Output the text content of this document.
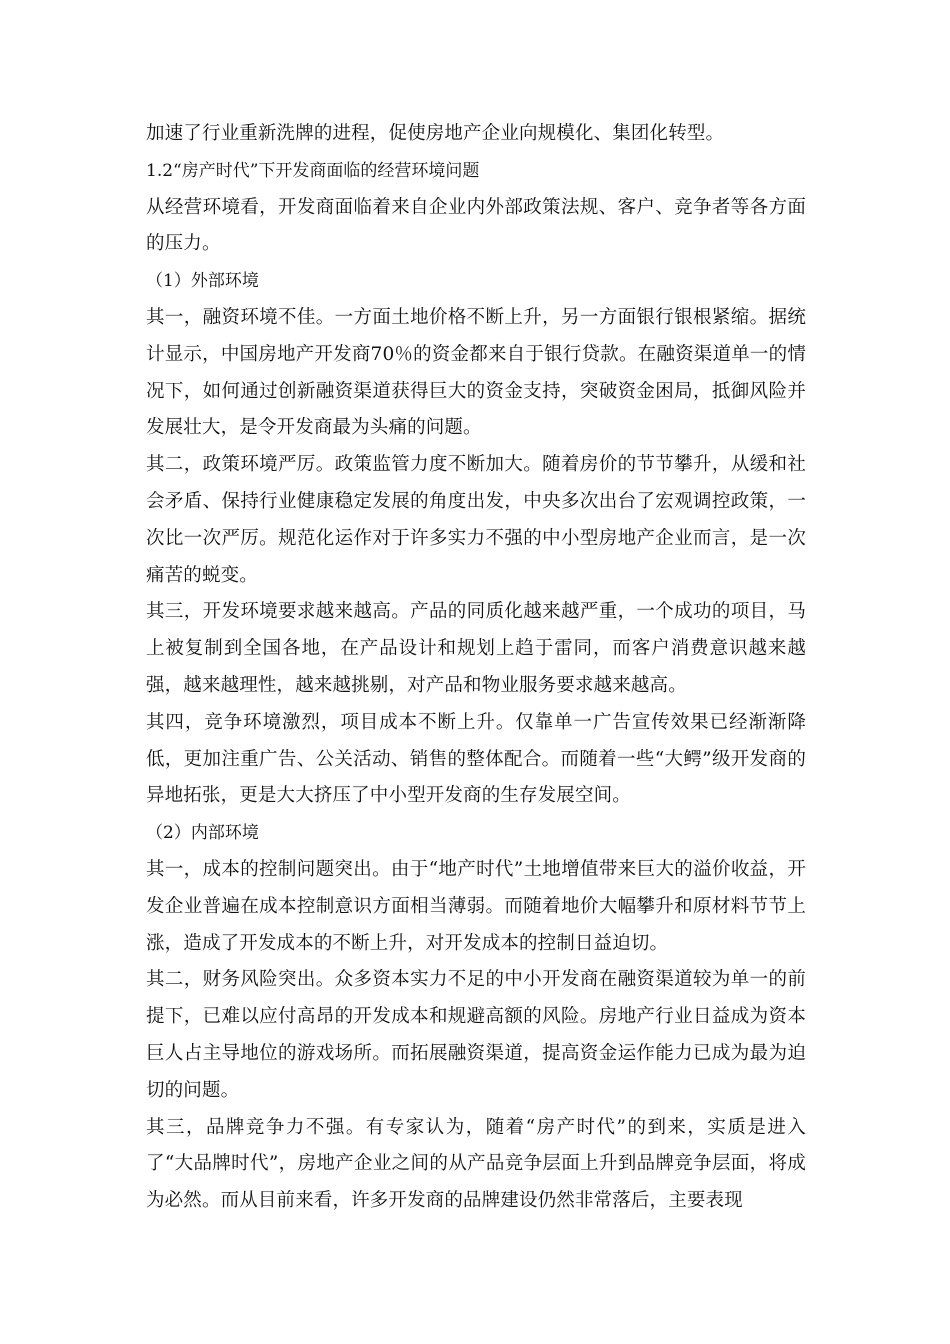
加速了行业重新洗牌的进程，促使房地产企业向规模化、集团化转型。

1.2“房产时代”下开发商面临的经营环境问题

从经营环境看，开发商面临着来自企业内外部政策法规、客户、竞争者等各方面的压力。

（1）外部环境

其一，融资环境不佳。一方面土地价格不断上升，另一方面银行银根紧缩。据统计显示，中国房地产开发商70％的资金都来自于银行贷款。在融资渠道单一的情况下，如何通过创新融资渠道获得巨大的资金支持，突破资金困局，抵御风险并发展壮大，是令开发商最为头痛的问题。

其二，政策环境严厉。政策监管力度不断加大。随着房价的节节攀升，从缓和社会矛盾、保持行业健康稳定发展的角度出发，中央多次出台了宏观调控政策，一次比一次严厉。规范化运作对于许多实力不强的中小型房地产企业而言，是一次痛苦的蜕变。

其三，开发环境要求越来越高。产品的同质化越来越严重，一个成功的项目，马上被复制到全国各地，在产品设计和规划上趋于雷同，而客户消费意识越来越强，越来越理性，越来越挑剔，对产品和物业服务要求越来越高。

其四，竞争环境激烈，项目成本不断上升。仅靠单一广告宣传效果已经渐渐降低，更加注重广告、公关活动、销售的整体配合。而随着一些“大鳄”级开发商的异地拓张，更是大大挤压了中小型开发商的生存发展空间。

（2）内部环境

其一，成本的控制问题突出。由于“地产时代”土地增值带来巨大的溢价收益，开发企业普遍在成本控制意识方面相当薄弱。而随着地价大幅攀升和原材料节节上涨，造成了开发成本的不断上升，对开发成本的控制日益迫切。

其二，财务风险突出。众多资本实力不足的中小开发商在融资渠道较为单一的前提下，已难以应付高昂的开发成本和规避高额的风险。房地产行业日益成为资本巨人占主导地位的游戏场所。而拓展融资渠道，提高资金运作能力已成为最为迫切的问题。

其三，品牌竞争力不强。有专家认为，随着“房产时代”的到来，实质是进入了“大品牌时代”，房地产企业之间的从产品竞争层面上升到品牌竞争层面，将成为必然。而从目前来看，许多开发商的品牌建设仍然非常落后，主要表现
